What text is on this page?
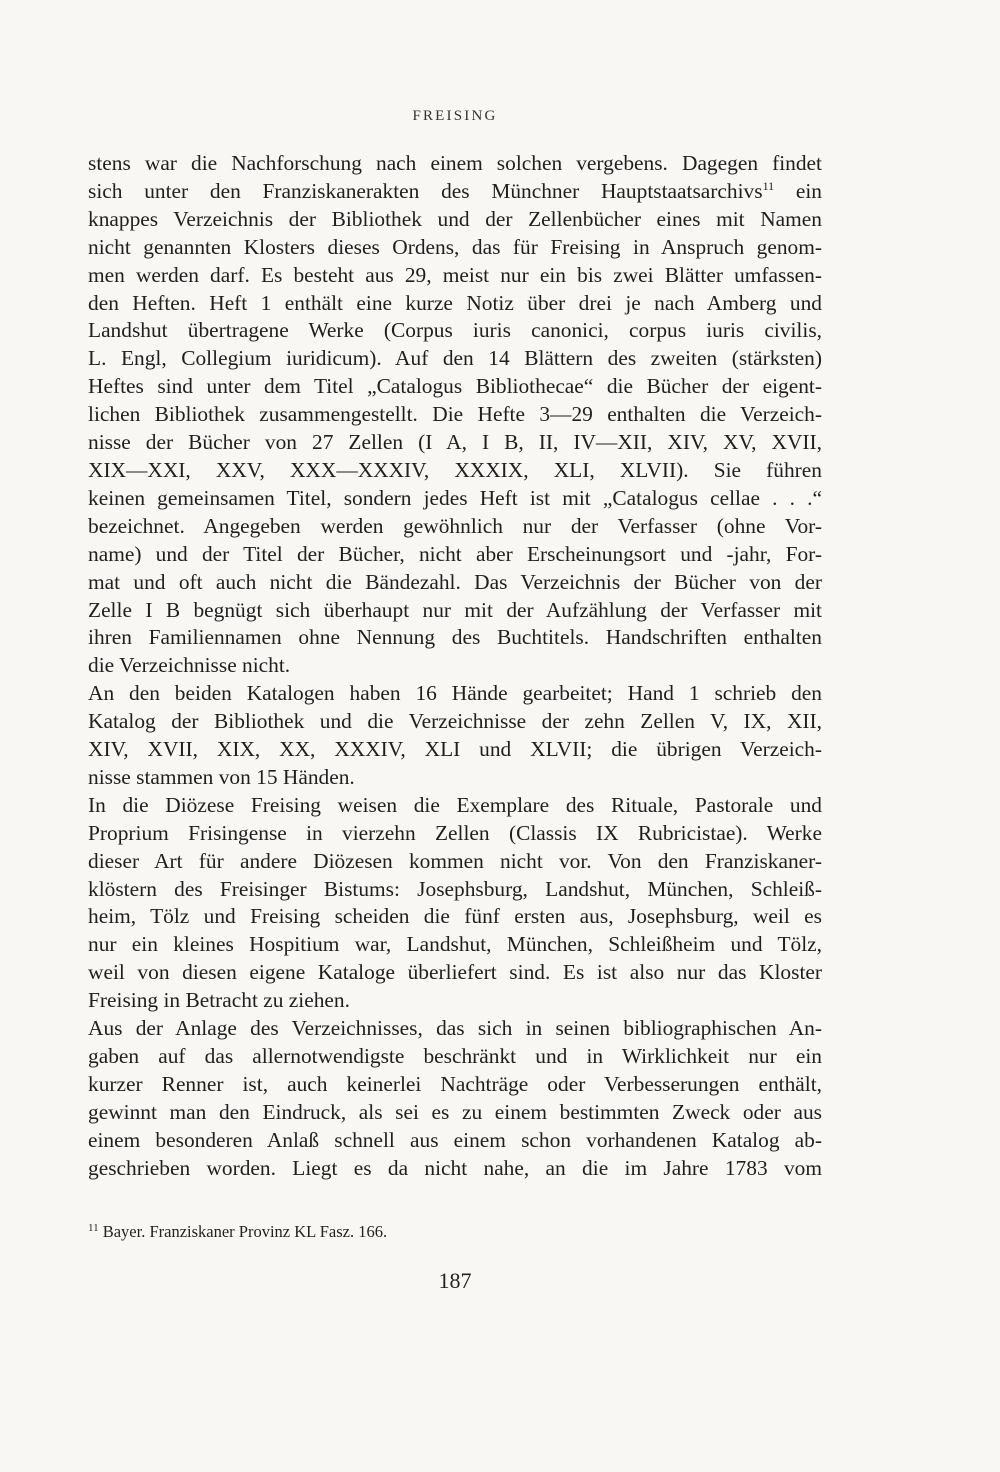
FREISING
stens war die Nachforschung nach einem solchen vergebens. Dagegen findet
sich unter den Franziskanerakten des Münchner Hauptstaatsarchivs$^{11}$ ein
knappes Verzeichnis der Bibliothek und der Zellenbücher eines mit Namen
nicht genannten Klosters dieses Ordens, das für Freising in Anspruch genom-
men werden darf. Es besteht aus 29, meist nur ein bis zwei Blätter umfassen-
den Heften. Heft 1 enthält eine kurze Notiz über drei je nach Amberg und
Landshut übertragene Werke (Corpus iuris canonici, corpus iuris civilis,
L. Engl, Collegium iuridicum). Auf den 14 Blättern des zweiten (stärksten)
Heftes sind unter dem Titel „Catalogus Bibliothecae“ die Bücher der eigent-
lichen Bibliothek zusammengestellt. Die Hefte 3—29 enthalten die Verzeich-
nisse der Bücher von 27 Zellen (I A, I B, II, IV—XII, XIV, XV, XVII,
XIX—XXI, XXV, XXX—XXXIV, XXXIX, XLI, XLVII). Sie führen
keinen gemeinsamen Titel, sondern jedes Heft ist mit „Catalogus cellae . . .“
bezeichnet. Angegeben werden gewöhnlich nur der Verfasser (ohne Vor-
name) und der Titel der Bücher, nicht aber Erscheinungsort und -jahr, For-
mat und oft auch nicht die Bändezahl. Das Verzeichnis der Bücher von der
Zelle I B begnügt sich überhaupt nur mit der Aufzählung der Verfasser mit
ihren Familiennamen ohne Nennung des Buchtitels. Handschriften enthalten
die Verzeichnisse nicht.
An den beiden Katalogen haben 16 Hände gearbeitet; Hand 1 schrieb den
Katalog der Bibliothek und die Verzeichnisse der zehn Zellen V, IX, XII,
XIV, XVII, XIX, XX, XXXIV, XLI und XLVII; die übrigen Verzeich-
nisse stammen von 15 Händen.
In die Diözese Freising weisen die Exemplare des Rituale, Pastorale und
Proprium Frisingense in vierzehn Zellen (Classis IX Rubricistae). Werke
dieser Art für andere Diözesen kommen nicht vor. Von den Franziskaner-
klöstern des Freisinger Bistums: Josephsburg, Landshut, München, Schleiß-
heim, Tölz und Freising scheiden die fünf ersten aus, Josephsburg, weil es
nur ein kleines Hospitium war, Landshut, München, Schleißheim und Tölz,
weil von diesen eigene Kataloge überliefert sind. Es ist also nur das Kloster
Freising in Betracht zu ziehen.
Aus der Anlage des Verzeichnisses, das sich in seinen bibliographischen An-
gaben auf das allernotwendigste beschränkt und in Wirklichkeit nur ein
kurzer Renner ist, auch keinerlei Nachträge oder Verbesserungen enthält,
gewinnt man den Eindruck, als sei es zu einem bestimmten Zweck oder aus
einem besonderen Anlaß schnell aus einem schon vorhandenen Katalog ab-
geschrieben worden. Liegt es da nicht nahe, an die im Jahre 1783 vom
$^{11}$ Bayer. Franziskaner Provinz KL Fasz. 166.
187
